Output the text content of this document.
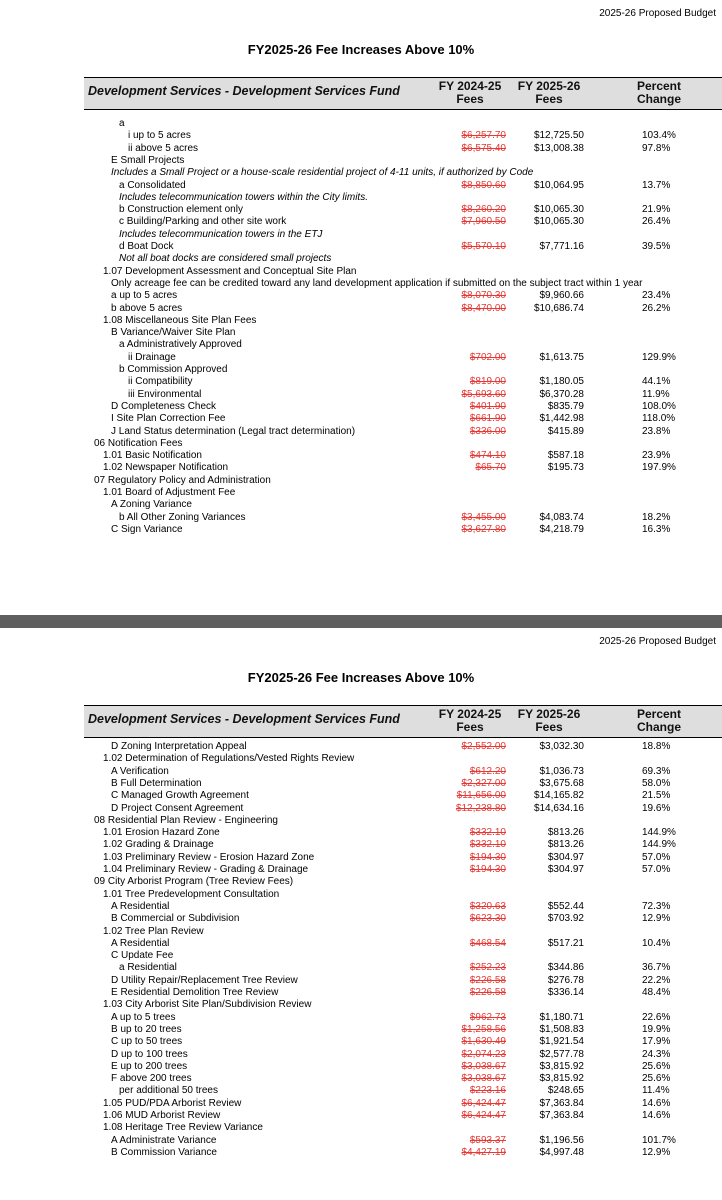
2025-26 Proposed Budget
FY2025-26 Fee Increases Above 10%
Development Services - Development Services Fund	FY 2024-25
Fees
FY 2025-26
Fees
Percent
Change
a
i up to 5 acres	$6,257.70	$12,725.50	103.4%
ii above 5 acres	$6,575.40	$13,008.38	97.8%
E Small Projects
Includes a Small Project or a house-scale residential project of 4-11 units, if authorized by Code
a Consolidated	$8,850.60	$10,064.95	13.7%
Includes telecommunication towers within the City limits.
b Construction element only	$8,260.20	$10,065.30	21.9%
c Building/Parking and other site work	$7,960.50	$10,065.30	26.4%
Includes telecommunication towers in the ETJ
d Boat Dock	$5,570.10	$7,771.16	39.5%
Not all boat docks are considered small projects
1.07 Development Assessment and Conceptual Site Plan
Only acreage fee can be credited toward any land development application if submitted on the subject tract within 1 year
a up to 5 acres	$8,070.30	$9,960.66	23.4%
b above 5 acres	$8,470.00	$10,686.74	26.2%
1.08 Miscellaneous Site Plan Fees
B Variance/Waiver Site Plan
a Administratively Approved
ii Drainage	$702.00	$1,613.75	129.9%
b Commission Approved
ii Compatibility	$819.00	$1,180.05	44.1%
iii Environmental	$5,693.60	$6,370.28	11.9%
D Completeness Check	$401.90	$835.79	108.0%
I Site Plan Correction Fee	$661.90	$1,442.98	118.0%
J Land Status determination (Legal tract determination)	$336.00	$415.89	23.8%
06 Notification Fees
1.01 Basic Notification	$474.10	$587.18	23.9%
1.02 Newspaper Notification	$65.70	$195.73	197.9%
07 Regulatory Policy and Administration
1.01 Board of Adjustment Fee
A Zoning Variance
b All Other Zoning Variances	$3,455.00	$4,083.74	18.2%
C Sign Variance	$3,627.80	$4,218.79	16.3%
2025-26 Proposed Budget
FY2025-26 Fee Increases Above 10%
Development Services - Development Services Fund	FY 2024-25
Fees
FY 2025-26
Fees
Percent
Change
D Zoning Interpretation Appeal	$2,552.00	$3,032.30	18.8%
1.02 Determination of Regulations/Vested Rights Review
A Verification	$612.20	$1,036.73	69.3%
B Full Determination	$2,327.00	$3,675.68	58.0%
C Managed Growth Agreement	$11,656.00	$14,165.82	21.5%
D Project Consent Agreement	$12,238.80	$14,634.16	19.6%
08 Residential Plan Review - Engineering
1.01 Erosion Hazard Zone	$332.10	$813.26	144.9%
1.02 Grading & Drainage	$332.10	$813.26	144.9%
1.03 Preliminary Review - Erosion Hazard Zone	$194.30	$304.97	57.0%
1.04 Preliminary Review - Grading & Drainage	$194.30	$304.97	57.0%
09 City Arborist Program (Tree Review Fees)
1.01 Tree Predevelopment Consultation
A Residential	$320.63	$552.44	72.3%
B Commercial or Subdivision	$623.30	$703.92	12.9%
1.02 Tree Plan Review
A Residential	$468.54	$517.21	10.4%
C Update Fee
a Residential	$252.23	$344.86	36.7%
D Utility Repair/Replacement Tree Review	$226.58	$276.78	22.2%
E Residential Demolition Tree Review	$226.58	$336.14	48.4%
1.03 City Arborist Site Plan/Subdivision Review
A up to 5 trees	$962.73	$1,180.71	22.6%
B up to 20 trees	$1,258.56	$1,508.83	19.9%
C up to 50 trees	$1,630.49	$1,921.54	17.9%
D up to 100 trees	$2,074.23	$2,577.78	24.3%
E up to 200 trees	$3,038.67	$3,815.92	25.6%
F above 200 trees	$3,038.67	$3,815.92	25.6%
per additional 50 trees	$223.16	$248.65	11.4%
1.05 PUD/PDA Arborist Review	$6,424.47	$7,363.84	14.6%
1.06 MUD Arborist Review	$6,424.47	$7,363.84	14.6%
1.08 Heritage Tree Review Variance
A Administrate Variance	$593.37	$1,196.56	101.7%
B Commission Variance	$4,427.19	$4,997.48	12.9%
